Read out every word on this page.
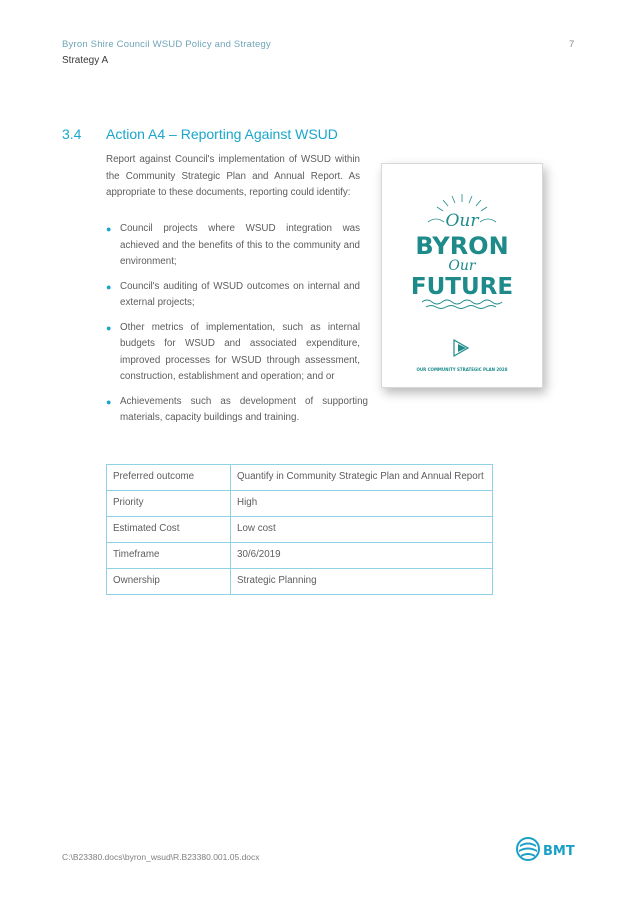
Byron Shire Council WSUD Policy and Strategy
Strategy A
7
3.4 Action A4 – Reporting Against WSUD

Report against Council's implementation of WSUD within the Community Strategic Plan and Annual Report. As appropriate to these documents, reporting could identify:

● Council projects where WSUD integration was achieved and the benefits of this to the community and environment;
● Council's auditing of WSUD outcomes on internal and external projects;
● Other metrics of implementation, such as internal budgets for WSUD and associated expenditure, improved processes for WSUD through assessment, construction, establishment and operation; and or
● Achievements such as development of supporting materials, capacity buildings and training.
Our
BYRON
Our
FUTURE
OUR COMMUNITY STRATEGIC PLAN 2028
Preferred outcome	Quantify in Community Strategic Plan and Annual Report
Priority	High
Estimated Cost	Low cost
Timeframe	30/6/2019
Ownership	Strategic Planning
C:\B23380.docs\byron_wsud\R.B23380.001.05.docx	BMT
